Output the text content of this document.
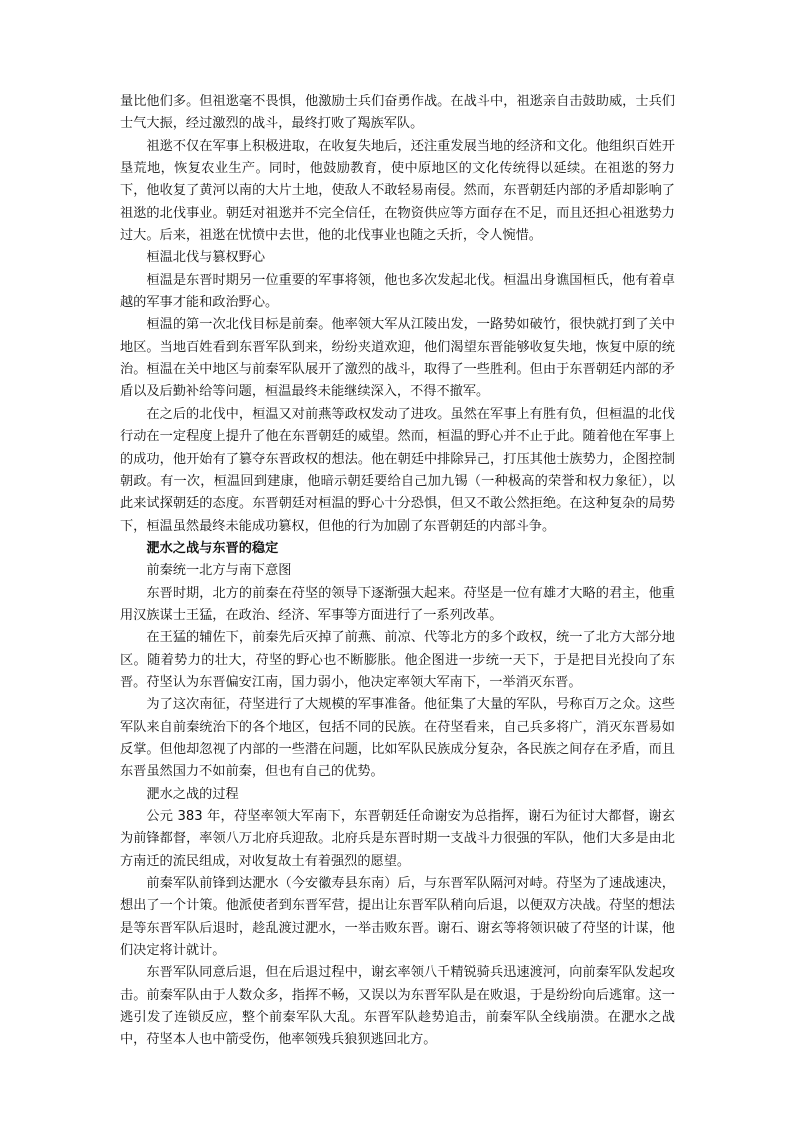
量比他们多。但祖逖毫不畏惧，他激励士兵们奋勇作战。在战斗中，祖逖亲自击鼓助威，士兵们士气大振，经过激烈的战斗，最终打败了羯族军队。

祖逖不仅在军事上积极进取，在收复失地后，还注重发展当地的经济和文化。他组织百姓开垦荒地，恢复农业生产。同时，他鼓励教育，使中原地区的文化传统得以延续。在祖逖的努力下，他收复了黄河以南的大片土地，使敌人不敢轻易南侵。然而，东晋朝廷内部的矛盾却影响了祖逖的北伐事业。朝廷对祖逖并不完全信任，在物资供应等方面存在不足，而且还担心祖逖势力过大。后来，祖逖在忧愤中去世，他的北伐事业也随之夭折，令人惋惜。

桓温北伐与篡权野心

桓温是东晋时期另一位重要的军事将领，他也多次发起北伐。桓温出身谯国桓氏，他有着卓越的军事才能和政治野心。

桓温的第一次北伐目标是前秦。他率领大军从江陵出发，一路势如破竹，很快就打到了关中地区。当地百姓看到东晋军队到来，纷纷夹道欢迎，他们渴望东晋能够收复失地，恢复中原的统治。桓温在关中地区与前秦军队展开了激烈的战斗，取得了一些胜利。但由于东晋朝廷内部的矛盾以及后勤补给等问题，桓温最终未能继续深入，不得不撤军。

在之后的北伐中，桓温又对前燕等政权发动了进攻。虽然在军事上有胜有负，但桓温的北伐行动在一定程度上提升了他在东晋朝廷的威望。然而，桓温的野心并不止于此。随着他在军事上的成功，他开始有了篡夺东晋政权的想法。他在朝廷中排除异己，打压其他士族势力，企图控制朝政。有一次，桓温回到建康，他暗示朝廷要给自己加九锡（一种极高的荣誉和权力象征），以此来试探朝廷的态度。东晋朝廷对桓温的野心十分恐惧，但又不敢公然拒绝。在这种复杂的局势下，桓温虽然最终未能成功篡权，但他的行为加剧了东晋朝廷的内部斗争。

淝水之战与东晋的稳定

前秦统一北方与南下意图

东晋时期，北方的前秦在苻坚的领导下逐渐强大起来。苻坚是一位有雄才大略的君主，他重用汉族谋士王猛，在政治、经济、军事等方面进行了一系列改革。

在王猛的辅佐下，前秦先后灭掉了前燕、前凉、代等北方的多个政权，统一了北方大部分地区。随着势力的壮大，苻坚的野心也不断膨胀。他企图进一步统一天下，于是把目光投向了东晋。苻坚认为东晋偏安江南，国力弱小，他决定率领大军南下，一举消灭东晋。

为了这次南征，苻坚进行了大规模的军事准备。他征集了大量的军队，号称百万之众。这些军队来自前秦统治下的各个地区，包括不同的民族。在苻坚看来，自己兵多将广，消灭东晋易如反掌。但他却忽视了内部的一些潜在问题，比如军队民族成分复杂，各民族之间存在矛盾，而且东晋虽然国力不如前秦，但也有自己的优势。

淝水之战的过程

公元 383 年，苻坚率领大军南下，东晋朝廷任命谢安为总指挥，谢石为征讨大都督，谢玄为前锋都督，率领八万北府兵迎敌。北府兵是东晋时期一支战斗力很强的军队，他们大多是由北方南迁的流民组成，对收复故土有着强烈的愿望。

前秦军队前锋到达淝水（今安徽寿县东南）后，与东晋军队隔河对峙。苻坚为了速战速决，想出了一个计策。他派使者到东晋军营，提出让东晋军队稍向后退，以便双方决战。苻坚的想法是等东晋军队后退时，趁乱渡过淝水，一举击败东晋。谢石、谢玄等将领识破了苻坚的计谋，他们决定将计就计。

东晋军队同意后退，但在后退过程中，谢玄率领八千精锐骑兵迅速渡河，向前秦军队发起攻击。前秦军队由于人数众多，指挥不畅，又误以为东晋军队是在败退，于是纷纷向后逃窜。这一逃引发了连锁反应，整个前秦军队大乱。东晋军队趁势追击，前秦军队全线崩溃。在淝水之战中，苻坚本人也中箭受伤，他率领残兵狼狈逃回北方。
